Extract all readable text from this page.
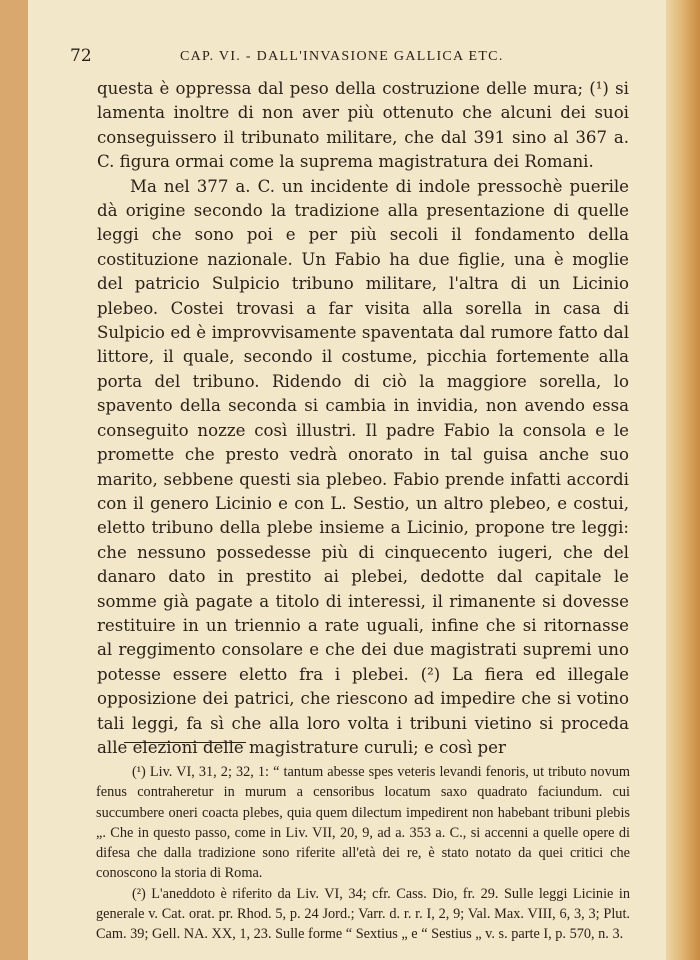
72	CAP. VI. - DALL'INVASIONE GALLICA ETC.

questa è oppressa dal peso della costruzione delle mura; (¹) si lamenta inoltre di non aver più ottenuto che alcuni dei suoi conseguissero il tribunato militare, che dal 391 sino al 367 a. C. figura ormai come la suprema magistratura dei Romani.

Ma nel 377 a. C. un incidente di indole pressochè puerile dà origine secondo la tradizione alla presentazione di quelle leggi che sono poi e per più secoli il fondamento della costituzione nazionale. Un Fabio ha due figlie, una è moglie del patricio Sulpicio tribuno militare, l'altra di un Licinio plebeo. Costei trovasi a far visita alla sorella in casa di Sulpicio ed è improvvisamente spaventata dal rumore fatto dal littore, il quale, secondo il costume, picchia fortemente alla porta del tribuno. Ridendo di ciò la maggiore sorella, lo spavento della seconda si cambia in invidia, non avendo essa conseguito nozze così illustri. Il padre Fabio la consola e le promette che presto vedrà onorato in tal guisa anche suo marito, sebbene questi sia plebeo. Fabio prende infatti accordi con il genero Licinio e con L. Sestio, un altro plebeo, e costui, eletto tribuno della plebe insieme a Licinio, propone tre leggi: che nessuno possedesse più di cinquecento iugeri, che del danaro dato in prestito ai plebei, dedotte dal capitale le somme già pagate a titolo di interessi, il rimanente si dovesse restituire in un triennio a rate uguali, infine che si ritornasse al reggimento consolare e che dei due magistrati supremi uno potesse essere eletto fra i plebei. (²) La fiera ed illegale opposizione dei patrici, che riescono ad impedire che si votino tali leggi, fa sì che alla loro volta i tribuni vietino si proceda alle elezioni delle magistrature curuli; e così per

(¹) Liv. VI, 31, 2; 32, 1: “ tantum abesse spes veteris levandi fenoris, ut tributo novum fenus contraheretur in murum a censoribus locatum saxo quadrato faciundum. cui succumbere oneri coacta plebes, quia quem dilectum impedirent non habebant tribuni plebis „. Che in questo passo, come in Liv. VII, 20, 9, ad a. 353 a. C., si accenni a quelle opere di difesa che dalla tradizione sono riferite all'età dei re, è stato notato da quei critici che conoscono la storia di Roma.

(²) L'aneddoto è riferito da Liv. VI, 34; cfr. Cass. Dio, fr. 29. Sulle leggi Licinie in generale v. Cat. orat. pr. Rhod. 5, p. 24 Jord.; Varr. d. r. r. I, 2, 9; Val. Max. VIII, 6, 3, 3; Plut. Cam. 39; Gell. NA. XX, 1, 23. Sulle forme “ Sextius „ e “ Sestius „ v. s. parte I, p. 570, n. 3.
